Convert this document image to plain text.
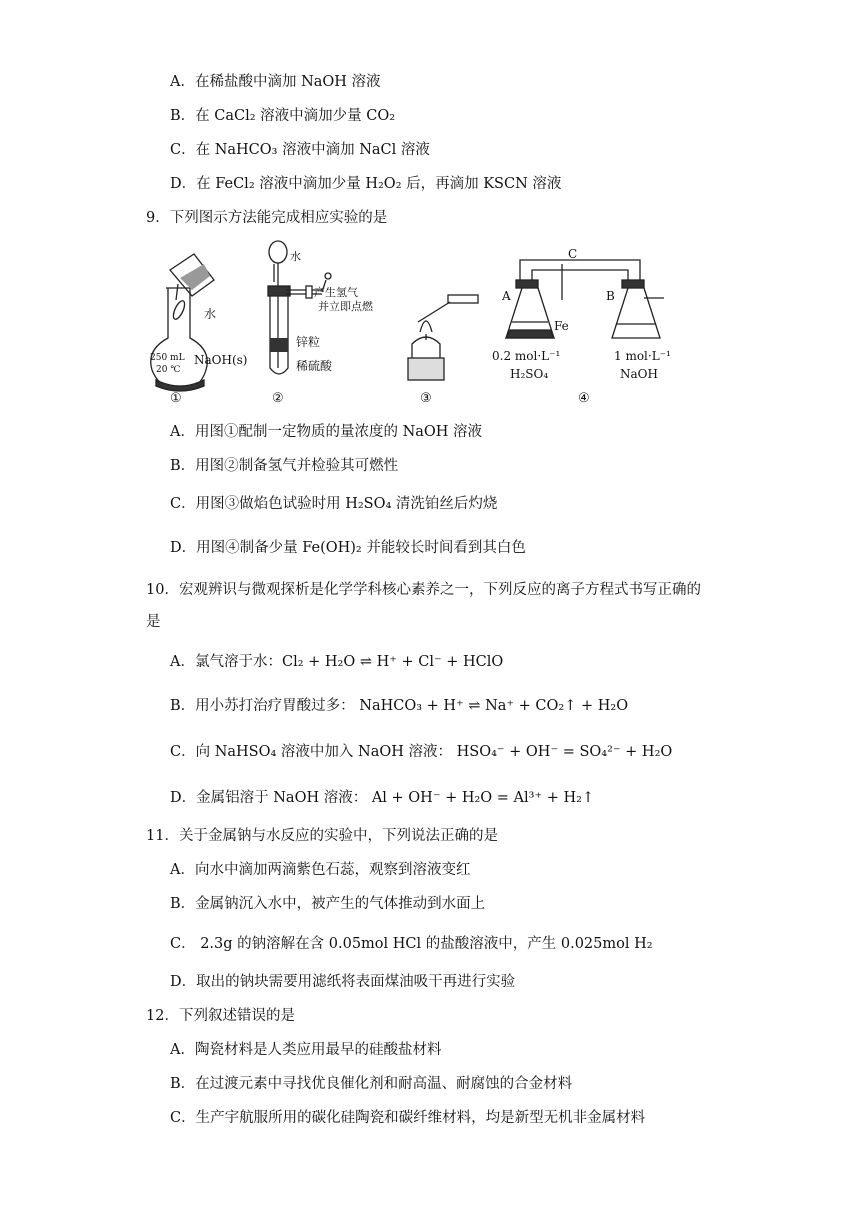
A．在稀盐酸中滴加 NaOH 溶液
B．在 CaCl₂ 溶液中滴加少量 CO₂
C．在 NaHCO₃ 溶液中滴加 NaCl 溶液
D．在 FeCl₂ 溶液中滴加少量 H₂O₂ 后，再滴加 KSCN 溶液
9．下列图示方法能完成相应实验的是
水
250 mL
20 ℃
NaOH(s)
①
水
产生氢气
并立即点燃
锌粒
稀硫酸
②	③
A	B
C
Fe
0.2 mol·L⁻¹
H₂SO₄
1 mol·L⁻¹
NaOH
④
A．用图①配制一定物质的量浓度的 NaOH 溶液
B．用图②制备氢气并检验其可燃性
C．用图③做焰色试验时用 H₂SO₄ 清洗铂丝后灼烧
D．用图④制备少量 Fe(OH)₂ 并能较长时间看到其白色
10．宏观辨识与微观探析是化学学科核心素养之一，下列反应的离子方程式书写正确的
是
A．氯气溶于水：Cl₂ + H₂O ⇌ H⁺ + Cl⁻ + HClO
B．用小苏打治疗胃酸过多： NaHCO₃ + H⁺ ⇌ Na⁺ + CO₂↑ + H₂O
C．向 NaHSO₄ 溶液中加入 NaOH 溶液： HSO₄⁻ + OH⁻ = SO₄²⁻ + H₂O
D．金属铝溶于 NaOH 溶液： Al + OH⁻ + H₂O = Al³⁺ + H₂↑
11．关于金属钠与水反应的实验中，下列说法正确的是
A．向水中滴加两滴紫色石蕊，观察到溶液变红
B．金属钠沉入水中，被产生的气体推动到水面上
C． 2.3g 的钠溶解在含 0.05mol HCl 的盐酸溶液中，产生 0.025mol H₂
D．取出的钠块需要用滤纸将表面煤油吸干再进行实验
12．下列叙述错误的是
A．陶瓷材料是人类应用最早的硅酸盐材料
B．在过渡元素中寻找优良催化剂和耐高温、耐腐蚀的合金材料
C．生产宇航服所用的碳化硅陶瓷和碳纤维材料，均是新型无机非金属材料
